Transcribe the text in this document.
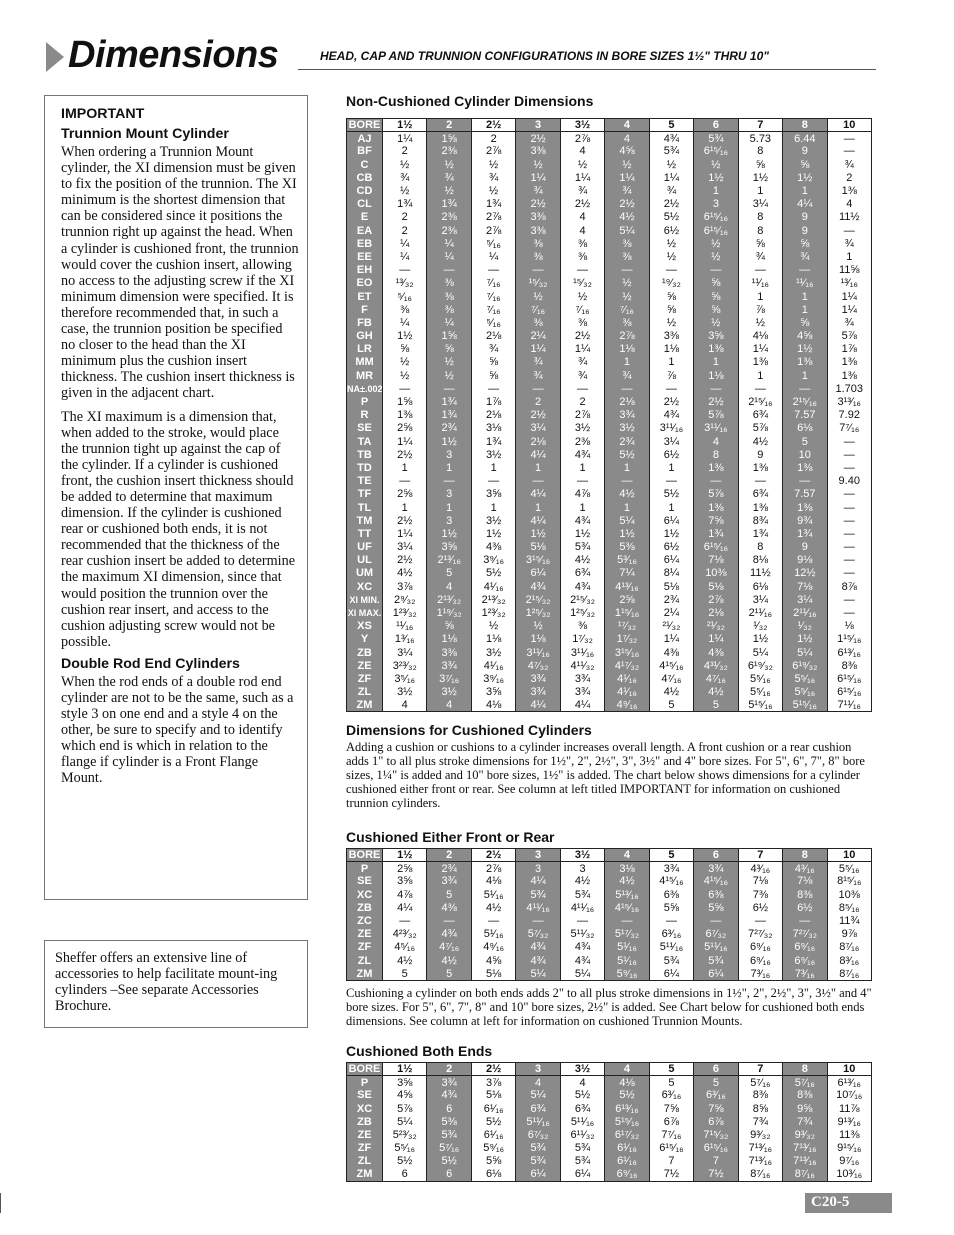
Dimensions	HEAD, CAP AND TRUNNION CONFIGURATIONS IN BORE SIZES 1½" THRU 10"
IMPORTANT
Trunnion Mount Cylinder

When ordering a Trunnion Mount cylinder, the XI dimension must be given to fix the position of the trunnion. The XI minimum is the shortest dimension that can be considered since it positions the trunnion right up against the head. When a cylinder is cushioned front, the trunnion would cover the cushion insert, allowing no access to the adjusting screw if the XI minimum dimension were specified. It is therefore recommended that, in such a case, the trunnion position be specified no closer to the head than the XI minimum plus the cushion insert thickness. The cushion insert thickness is given in the adjacent chart.

The XI maximum is a dimension that, when added to the stroke, would place the trunnion tight up against the cap of the cylinder. If a cylinder is cushioned front, the cushion insert thickness should be added to determine that maximum dimension. If the cylinder is cushioned rear or cushioned both ends, it is not recommended that the thickness of the rear cushion insert be added to determine the maximum XI dimension, since that would position the trunnion over the cushion rear insert, and access to the cushion adjusting screw would not be possible.

Double Rod End Cylinders

When the rod ends of a double rod end cylinder are not to be the same, such as a style 3 on one end and a style 4 on the other, be sure to specify and to identify which end is which in relation to the flange if cylinder is a Front Flange Mount.

Sheffer offers an extensive line of accessories to help facilitate mount-ing cylinders –See separate Accessories Brochure.
Non-Cushioned Cylinder Dimensions
BORE	1½	2	2½	3	3½	4	5	6	7	8	10
AJ	1¼	1⅝	2	2½	2⅞	4	4¾	5¾	5.73	6.44	—
BF	2	2⅜	2⅞	3⅜	4	4⅝	5¾	6¹⁵⁄₁₆	8	9	—
C	½	½	½	½	½	½	½	½	⅝	⅝	¾
CB	¾	¾	¾	1¼	1¼	1¼	1¼	1½	1½	1½	2
CD	½	½	½	¾	¾	¾	¾	1	1	1	1⅜
CL	1¾	1¾	1¾	2½	2½	2½	2½	3	3¼	4¼	4
E	2	2⅜	2⅞	3⅜	4	4½	5½	6¹⁵⁄₁₆	8	9	11½
EA	2	2⅜	2⅞	3⅜	4	5¼	6½	6¹⁵⁄₁₆	8	9	—
EB	¼	¼	⁵⁄₁₆	⅜	⅜	⅜	½	½	⅝	⅝	¾
EE	¼	¼	¼	⅜	⅜	⅜	½	½	¾	¾	1
EH	—	—	—	—	—	—	—	—	—	—	11⅝
EO	¹³⁄₃₂	⅜	⁷⁄₁₆	¹⁵⁄₃₂	¹⁵⁄₃₂	½	¹⁹⁄₃₂	⅝	¹¹⁄₁₆	¹¹⁄₁₆	¹³⁄₁₆
ET	⁵⁄₁₆	⅜	⁷⁄₁₆	½	½	½	⅝	⅝	1	1	1¼
F	⅜	⅜	⁷⁄₁₆	⁷⁄₁₆	⁷⁄₁₆	⁷⁄₁₆	⅝	⅝	⅞	1	1¼
FB	¼	¼	⁵⁄₁₆	⅜	⅜	⅜	½	½	½	⅝	¾
GH	1½	1⅝	2⅛	2¼	2½	2⅞	3⅜	3⅝	4⅛	4⅝	5⅞
LR	⅝	⅝	¾	1¼	1¼	1⅛	1⅛	1⅜	1¼	1½	1⅞
MM	½	½	⅝	¾	¾	1	1	1	1⅜	1⅜	1⅜
MR	½	½	⅝	¾	¾	¾	⅞	1⅛	1	1	1⅜
NA±.002	—	—	—	—	—	—	—	—	—	—	1.703
P	1⅝	1¾	1⅞	2	2	2⅛	2½	2½	2¹⁵⁄₁₆	2¹⁵⁄₁₆	3¹³⁄₁₆
R	1⅜	1¾	2⅛	2½	2⅞	3¾	4¾	5⅞	6¾	7.57	7.92
SE	2⅝	2¾	3⅛	3¼	3½	3½	3¹¹⁄₁₆	3¹¹⁄₁₆	5⅞	6⅛	7⁷⁄₁₆
TA	1¼	1½	1¾	2⅛	2⅜	2¾	3¼	4	4½	5	—
TB	2½	3	3½	4¼	4¾	5½	6½	8	9	10	—
TD	1	1	1	1	1	1	1	1⅜	1⅜	1⅜	—
TE	—	—	—	—	—	—	—	—	—	—	9.40
TF	2⅝	3	3⅝	4¼	4⅞	4½	5½	5⅞	6¾	7.57	—
TL	1	1	1	1	1	1	1	1⅜	1⅜	1⅜	—
TM	2½	3	3½	4¼	4¾	5¼	6¼	7⅝	8¾	9¾	—
TT	1¼	1½	1½	1½	1½	1½	1½	1¾	1¾	1¾	—
UF	3¼	3⅝	4⅜	5⅛	5¾	5⅜	6½	6¹⁵⁄₁₆	8	9	—
UL	2½	2¹³⁄₁₆	3⁹⁄₁₆	3¹⁵⁄₁₆	4½	5³⁄₁₆	6¼	7⅛	8⅛	9⅛	—
UM	4½	5	5½	6¼	6¾	7¼	8¼	10⅜	11½	12½	—
XC	3⅞	4	4¹⁄₁₆	4¾	4¾	4¹³⁄₁₆	5⅛	5⅛	6⅛	7⅛	8⅞
XI MIN.	2⁹⁄₃₂	2¹³⁄₃₂	2¹³⁄₃₂	2¹⁵⁄₃₂	2¹⁵⁄₃₂	2⅝	2¾	2⅞	3¼	3¼	—
XI MAX.	1²³⁄₃₂	1¹⁹⁄₃₂	1²³⁄₃₂	1²⁵⁄₃₂	1²⁵⁄₃₂	1¹⁵⁄₁₆	2¼	2⅛	2¹¹⁄₁₆	2¹¹⁄₁₆	—
XS	¹¹⁄₁₆	⅝	½	½	⅜	¹⁷⁄₃₂	²¹⁄₃₂	²¹⁄₃₂	¹⁄₃₂	¹⁄₃₂	⅛
Y	1³⁄₁₆	1⅛	1⅛	1⅛	1⁷⁄₃₂	1⁷⁄₃₂	1¼	1¼	1½	1½	1¹⁵⁄₁₆
ZB	3¼	3⅜	3½	3¹¹⁄₁₆	3¹¹⁄₁₆	3¹⁵⁄₁₆	4⅜	4⅜	5¼	5¼	6¹³⁄₁₆
ZE	3²³⁄₃₂	3¾	4¹⁄₁₆	4⁷⁄₃₂	4¹¹⁄₃₂	4¹⁷⁄₃₂	4¹⁵⁄₁₆	4³¹⁄₃₂	6¹⁹⁄₃₂	6¹⁹⁄₃₂	8⅜
ZF	3⁵⁄₁₆	3⁷⁄₁₆	3⁹⁄₁₆	3¾	3¾	4¹⁄₁₆	4⁷⁄₁₆	4⁷⁄₁₆	5⁵⁄₁₆	5⁵⁄₁₆	6¹⁵⁄₁₆
ZL	3½	3½	3⅝	3¾	3¾	4¹⁄₁₆	4½	4½	5⁵⁄₁₆	5⁵⁄₁₆	6¹⁵⁄₁₆
ZM	4	4	4⅛	4¼	4¼	4⁹⁄₁₆	5	5	5¹⁵⁄₁₆	5¹⁵⁄₁₆	7¹¹⁄₁₆
Dimensions for Cushioned Cylinders
Adding a cushion or cushions to a cylinder increases overall length. A front cushion or a rear cushion adds 1" to all plus stroke dimensions for 1½", 2", 2½", 3", 3½" and 4" bore sizes. For 5", 6", 7", 8" bore sizes, 1¼" is added and 10" bore sizes, 1½" is added. The chart below shows dimensions for a cylinder cushioned either front or rear. See column at left titled IMPORTANT for information on cushioned trunnion cylinders.
Cushioned Either Front or Rear
BORE	1½	2	2½	3	3½	4	5	6	7	8	10
P	2⅝	2¾	2⅞	3	3	3⅛	3¾	3¾	4³⁄₁₆	4³⁄₁₆	5⁵⁄₁₆
SE	3⅝	3¾	4⅛	4¼	4½	4½	4¹⁵⁄₁₆	4¹⁵⁄₁₆	7⅛	7⅛	8¹⁵⁄₁₆
XC	4⅞	5	5¹⁄₁₆	5¾	5¾	5¹³⁄₁₆	6⅜	6⅜	7⅜	8⅜	10⅜
ZB	4¼	4⅜	4½	4¹¹⁄₁₆	4¹¹⁄₁₆	4¹⁵⁄₁₆	5⅝	5⅝	6½	6½	8⁵⁄₁₆
ZC	—	—	—	—	—	—	—	—	—	—	11¾
ZE	4²³⁄₃₂	4¾	5¹⁄₁₆	5⁷⁄₃₂	5¹¹⁄₃₂	5¹⁷⁄₃₂	6³⁄₁₆	6⁷⁄₃₂	7²⁷⁄₃₂	7²⁷⁄₃₂	9⅞
ZF	4⁵⁄₁₆	4⁷⁄₁₆	4⁹⁄₁₆	4¾	4¾	5¹⁄₁₆	5¹¹⁄₁₆	5¹¹⁄₁₆	6⁹⁄₁₆	6⁹⁄₁₆	8⁷⁄₁₆
ZL	4½	4½	4⅝	4¾	4¾	5¹⁄₁₆	5¾	5¾	6⁹⁄₁₆	6⁹⁄₁₆	8³⁄₁₆
ZM	5	5	5⅛	5¼	5¼	5⁹⁄₁₆	6¼	6¼	7³⁄₁₆	7³⁄₁₆	8⁷⁄₁₆
Cushioning a cylinder on both ends adds 2" to all plus stroke dimensions in 1½", 2", 2½", 3", 3½" and 4" bore sizes. For 5", 6", 7", 8" and 10" bore sizes, 2½" is added. See Chart below for cushioned both ends dimensions. See column at left for information on cushioned Trunnion Mounts.
Cushioned Both Ends
BORE	1½	2	2½	3	3½	4	5	6	7	8	10
P	3⅝	3¾	3⅞	4	4	4⅛	5	5	5⁷⁄₁₆	5⁷⁄₁₆	6¹³⁄₁₆
SE	4⅝	4¾	5⅛	5¼	5½	5½	6³⁄₁₆	6³⁄₁₆	8⅜	8⅜	10⁷⁄₁₆
XC	5⅞	6	6¹⁄₁₆	6¾	6¾	6¹³⁄₁₆	7⅝	7⅝	8⅝	9⅝	11⅞
ZB	5¼	5⅜	5½	5¹¹⁄₁₆	5¹¹⁄₁₆	5¹⁵⁄₁₆	6⅞	6⅞	7¾	7¾	9¹³⁄₁₆
ZE	5²³⁄₃₂	5¾	6¹⁄₁₆	6⁷⁄₃₂	6¹¹⁄₃₂	6¹⁷⁄₃₂	7⁷⁄₁₆	7¹⁵⁄₃₂	9³⁄₃₂	9³⁄₃₂	11⅜
ZF	5⁵⁄₁₆	5⁷⁄₁₆	5⁹⁄₁₆	5¾	5¾	6¹⁄₁₆	6¹⁵⁄₁₆	6¹⁵⁄₁₆	7¹³⁄₁₆	7¹³⁄₁₆	9¹⁵⁄₁₆
ZL	5½	5½	5⅝	5¾	5¾	6¹⁄₁₆	7	7	7¹³⁄₁₆	7¹³⁄₁₆	9⁷⁄₁₆
ZM	6	6	6⅛	6¼	6¼	6⁹⁄₁₆	7½	7½	8⁷⁄₁₆	8⁷⁄₁₆	10³⁄₁₆
C20-5
